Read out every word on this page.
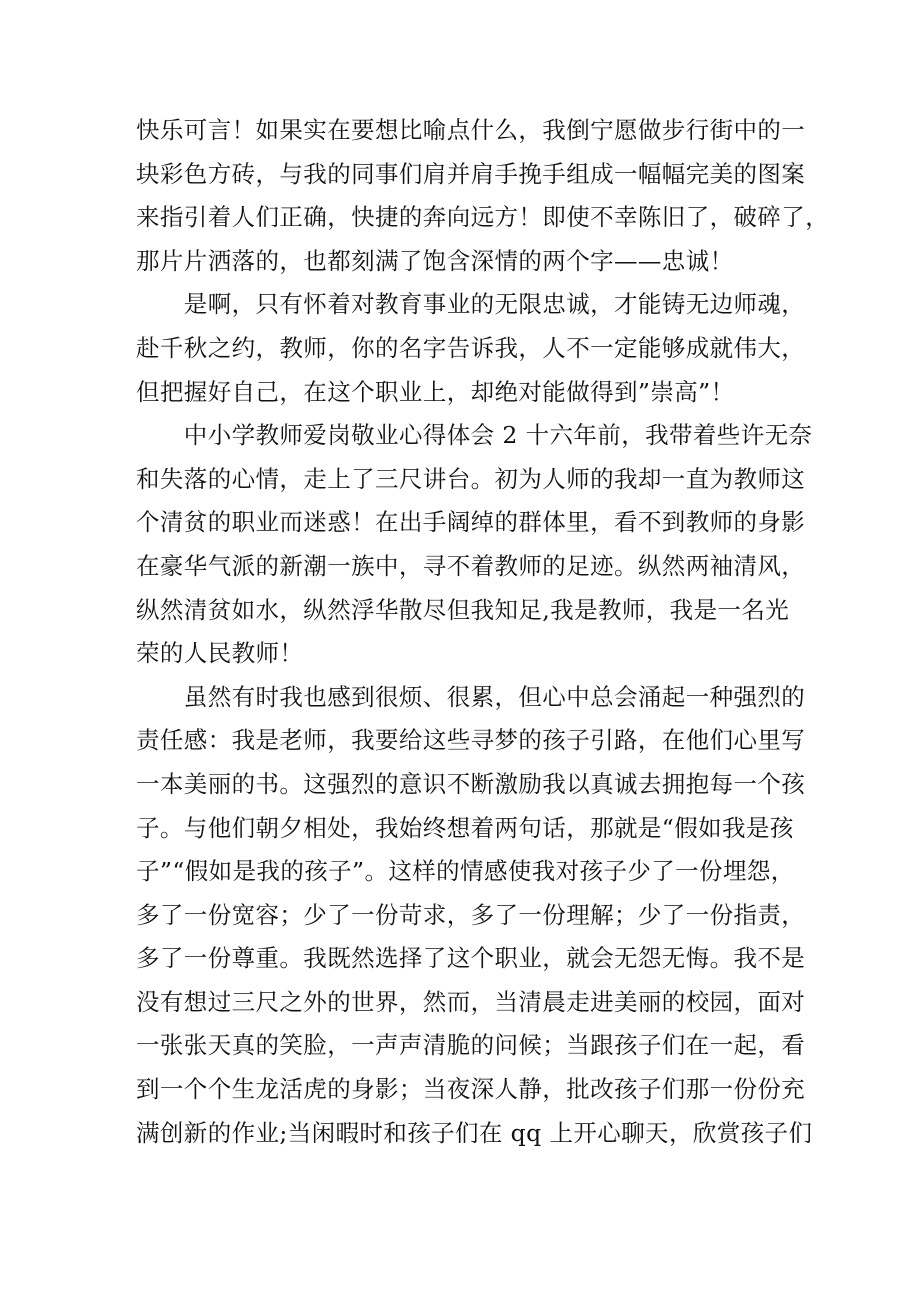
快乐可言！如果实在要想比喻点什么，我倒宁愿做步行街中的一
块彩色方砖，与我的同事们肩并肩手挽手组成一幅幅完美的图案
来指引着人们正确，快捷的奔向远方！即使不幸陈旧了，破碎了，
那片片洒落的，也都刻满了饱含深情的两个字——忠诚！
　　是啊，只有怀着对教育事业的无限忠诚，才能铸无边师魂，
赴千秋之约，教师，你的名字告诉我，人不一定能够成就伟大，
但把握好自己，在这个职业上，却绝对能做得到”崇高”！
　　中小学教师爱岗敬业心得体会 2 十六年前，我带着些许无奈
和失落的心情，走上了三尺讲台。初为人师的我却一直为教师这
个清贫的职业而迷惑！在出手阔绰的群体里，看不到教师的身影
在豪华气派的新潮一族中，寻不着教师的足迹。纵然两袖清风，
纵然清贫如水，纵然浮华散尽但我知足,我是教师，我是一名光
荣的人民教师！
　　虽然有时我也感到很烦、很累，但心中总会涌起一种强烈的
责任感：我是老师，我要给这些寻梦的孩子引路，在他们心里写
一本美丽的书。这强烈的意识不断激励我以真诚去拥抱每一个孩
子。与他们朝夕相处，我始终想着两句话，那就是“假如我是孩
子”“假如是我的孩子”。这样的情感使我对孩子少了一份埋怨，
多了一份宽容；少了一份苛求，多了一份理解；少了一份指责，
多了一份尊重。我既然选择了这个职业，就会无怨无悔。我不是
没有想过三尺之外的世界，然而，当清晨走进美丽的校园，面对
一张张天真的笑脸，一声声清脆的问候；当跟孩子们在一起，看
到一个个生龙活虎的身影；当夜深人静，批改孩子们那一份份充
满创新的作业;当闲暇时和孩子们在 qq 上开心聊天，欣赏孩子们
